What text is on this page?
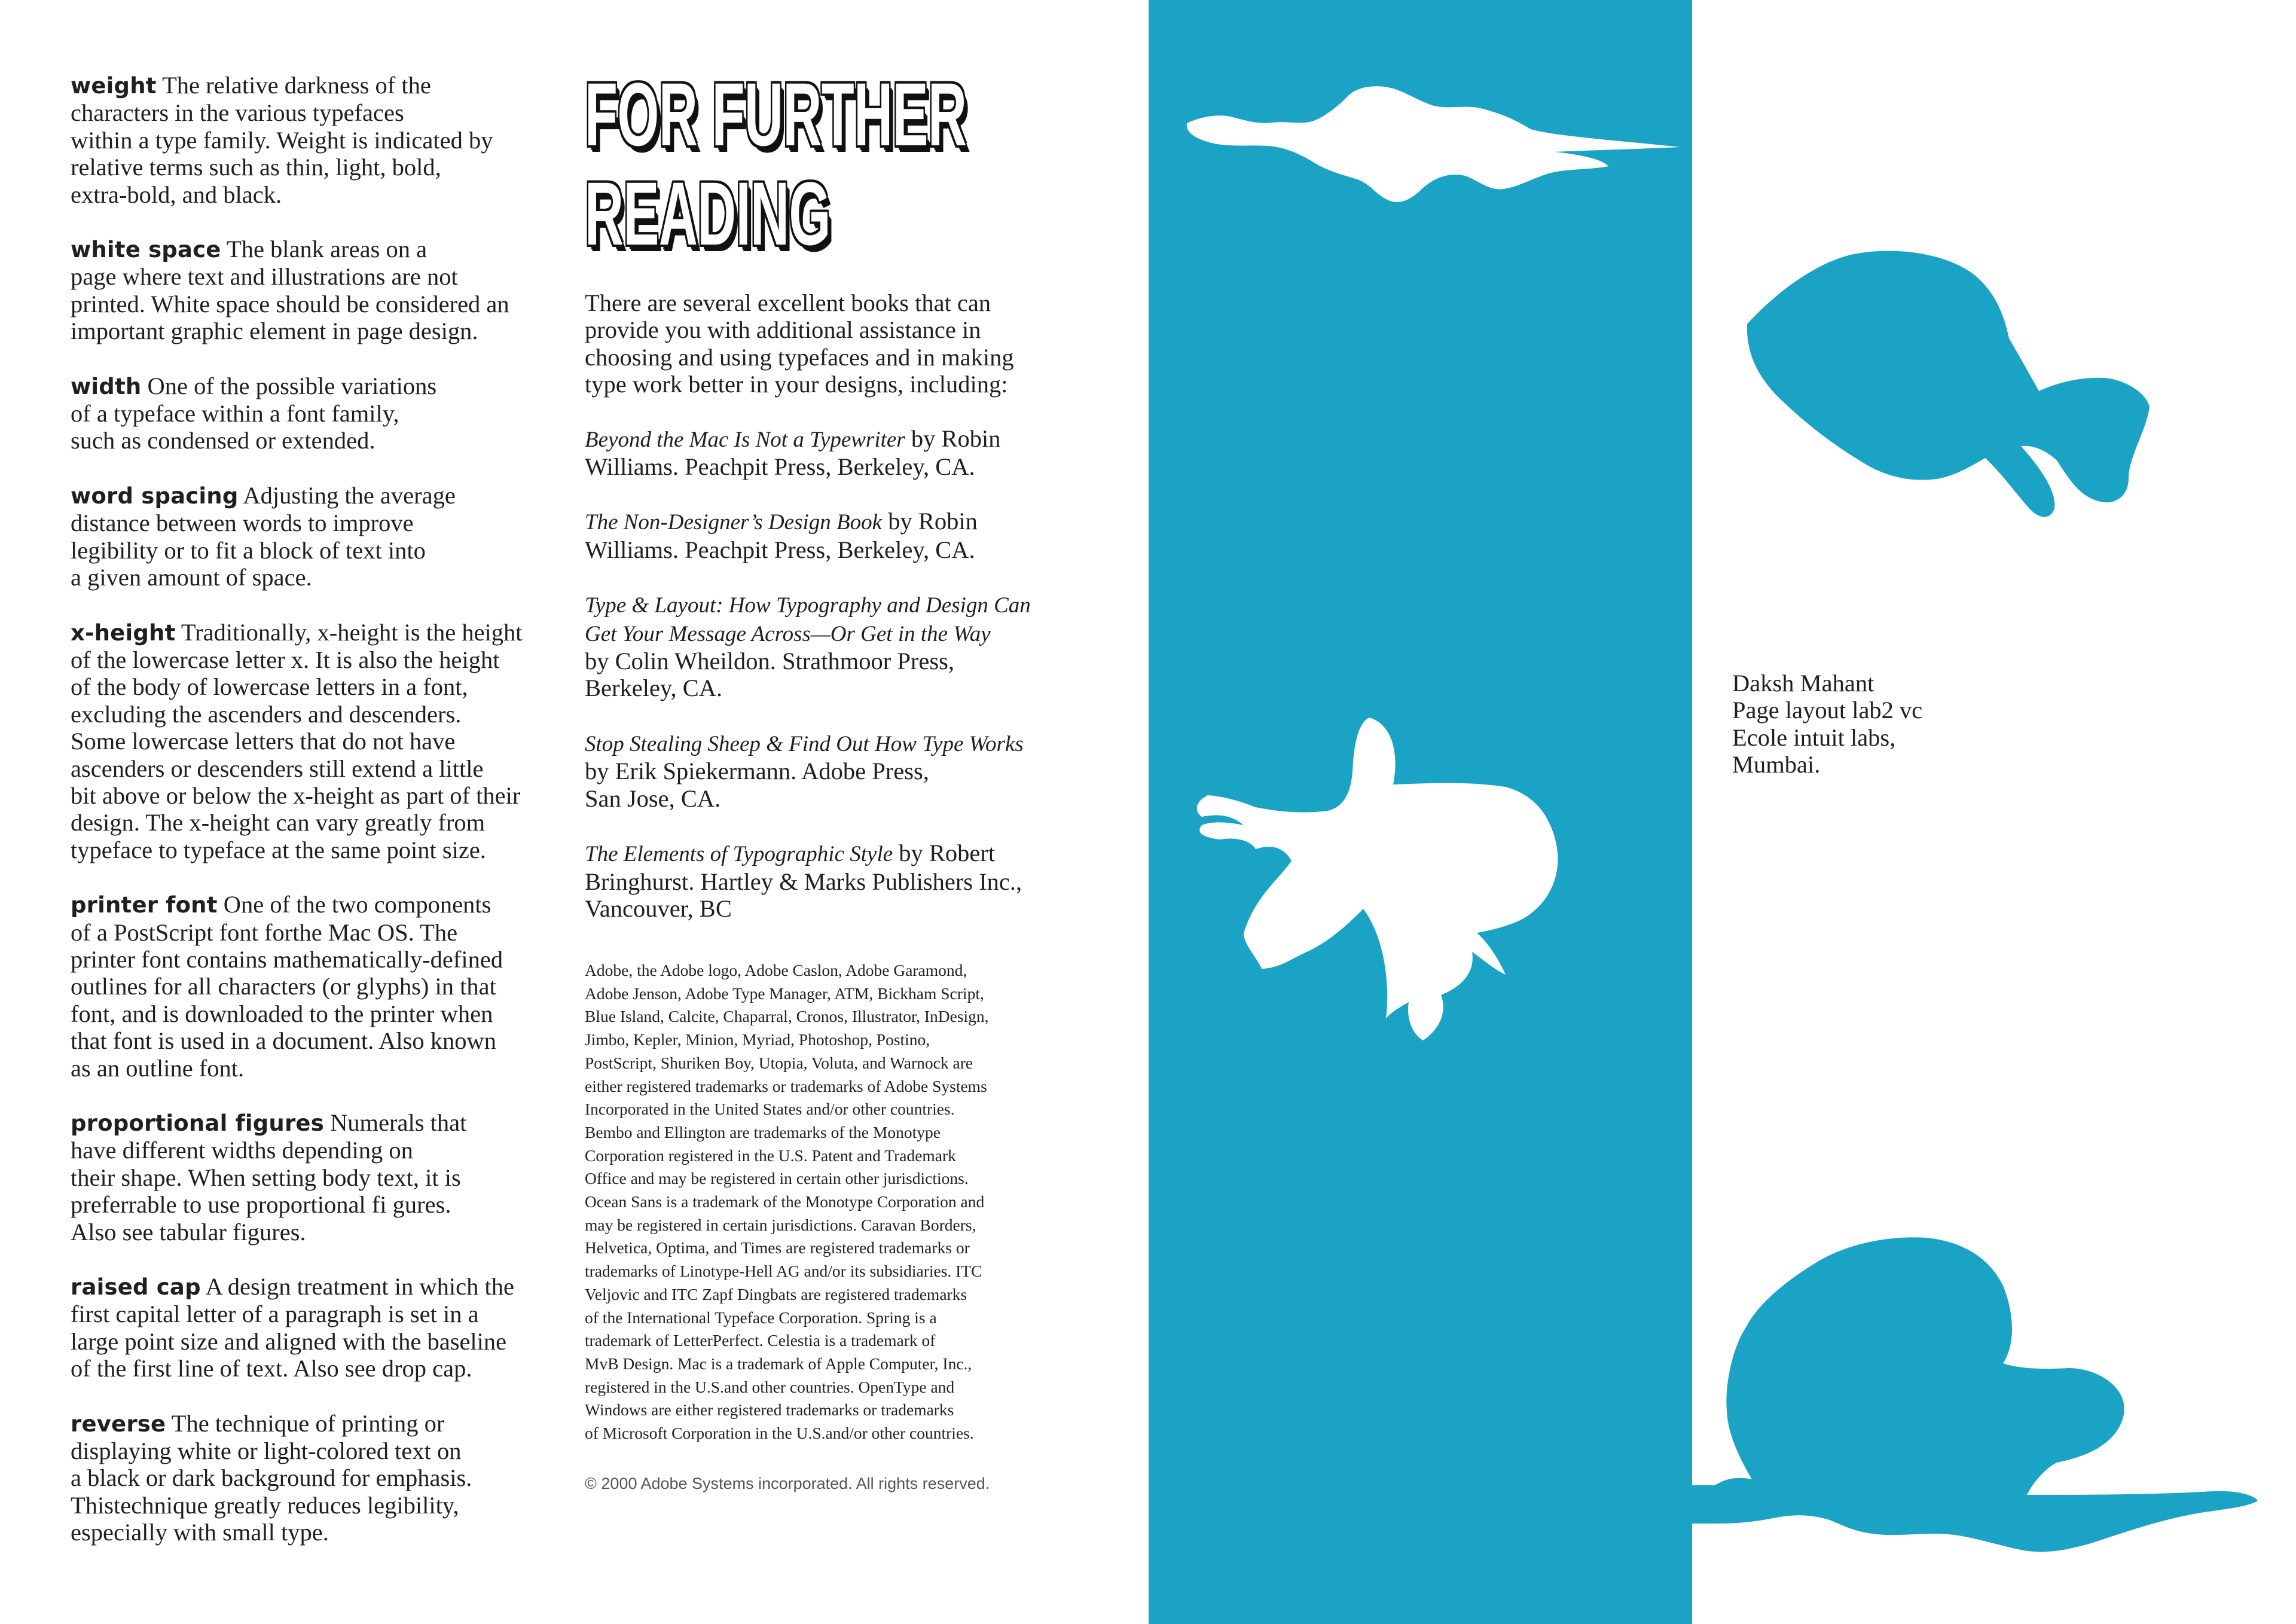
weight The relative darkness of the
characters in the various typefaces
within a type family. Weight is indicated by
relative terms such as thin, light, bold,
extra-bold, and black.
white space The blank areas on a
page where text and illustrations are not
printed. White space should be considered an
important graphic element in page design.
width One of the possible variations
of a typeface within a font family,
such as condensed or extended.
word spacing Adjusting the average
distance between words to improve
legibility or to fit a block of text into
a given amount of space.
x-height Traditionally, x-height is the height
of the lowercase letter x. It is also the height
of the body of lowercase letters in a font,
excluding the ascenders and descenders.
Some lowercase letters that do not have
ascenders or descenders still extend a little
bit above or below the x-height as part of their
design. The x-height can vary greatly from
typeface to typeface at the same point size.
printer font One of the two components
of a PostScript font forthe Mac OS. The
printer font contains mathematically-defined
outlines for all characters (or glyphs) in that
font, and is downloaded to the printer when
that font is used in a document. Also known
as an outline font.
proportional figures Numerals that
have different widths depending on
their shape. When setting body text, it is
preferrable to use proportional fi gures.
Also see tabular figures.
raised cap A design treatment in which the
first capital letter of a paragraph is set in a
large point size and aligned with the baseline
of the first line of text. Also see drop cap.
reverse The technique of printing or
displaying white or light-colored text on
a black or dark background for emphasis.
Thistechnique greatly reduces legibility,
especially with small type.
FOR FURTHER
READING
There are several excellent books that can
provide you with additional assistance in
choosing and using typefaces and in making
type work better in your designs, including:
Beyond the Mac Is Not a Typewriter by Robin
Williams. Peachpit Press, Berkeley, CA.
The Non-Designer’s Design Book by Robin
Williams. Peachpit Press, Berkeley, CA.
Type & Layout: How Typography and Design Can
Get Your Message Across—Or Get in the Way
by Colin Wheildon. Strathmoor Press,
Berkeley, CA.
Stop Stealing Sheep & Find Out How Type Works
by Erik Spiekermann. Adobe Press,
San Jose, CA.
The Elements of Typographic Style by Robert
Bringhurst. Hartley & Marks Publishers Inc.,
Vancouver, BC
Adobe, the Adobe logo, Adobe Caslon, Adobe Garamond,
Adobe Jenson, Adobe Type Manager, ATM, Bickham Script,
Blue Island, Calcite, Chaparral, Cronos, Illustrator, InDesign,
Jimbo, Kepler, Minion, Myriad, Photoshop, Postino,
PostScript, Shuriken Boy, Utopia, Voluta, and Warnock are
either registered trademarks or trademarks of Adobe Systems
Incorporated in the United States and/or other countries.
Bembo and Ellington are trademarks of the Monotype
Corporation registered in the U.S. Patent and Trademark
Office and may be registered in certain other jurisdictions.
Ocean Sans is a trademark of the Monotype Corporation and
may be registered in certain jurisdictions. Caravan Borders,
Helvetica, Optima, and Times are registered trademarks or
trademarks of Linotype-Hell AG and/or its subsidiaries. ITC
Veljovic and ITC Zapf Dingbats are registered trademarks
of the International Typeface Corporation. Spring is a
trademark of LetterPerfect. Celestia is a trademark of
MvB Design. Mac is a trademark of Apple Computer, Inc.,
registered in the U.S.and other countries. OpenType and
Windows are either registered trademarks or trademarks
of Microsoft Corporation in the U.S.and/or other countries.
© 2000 Adobe Systems incorporated. All rights reserved.
Daksh Mahant
Page layout lab2 vc
Ecole intuit labs,
Mumbai.
